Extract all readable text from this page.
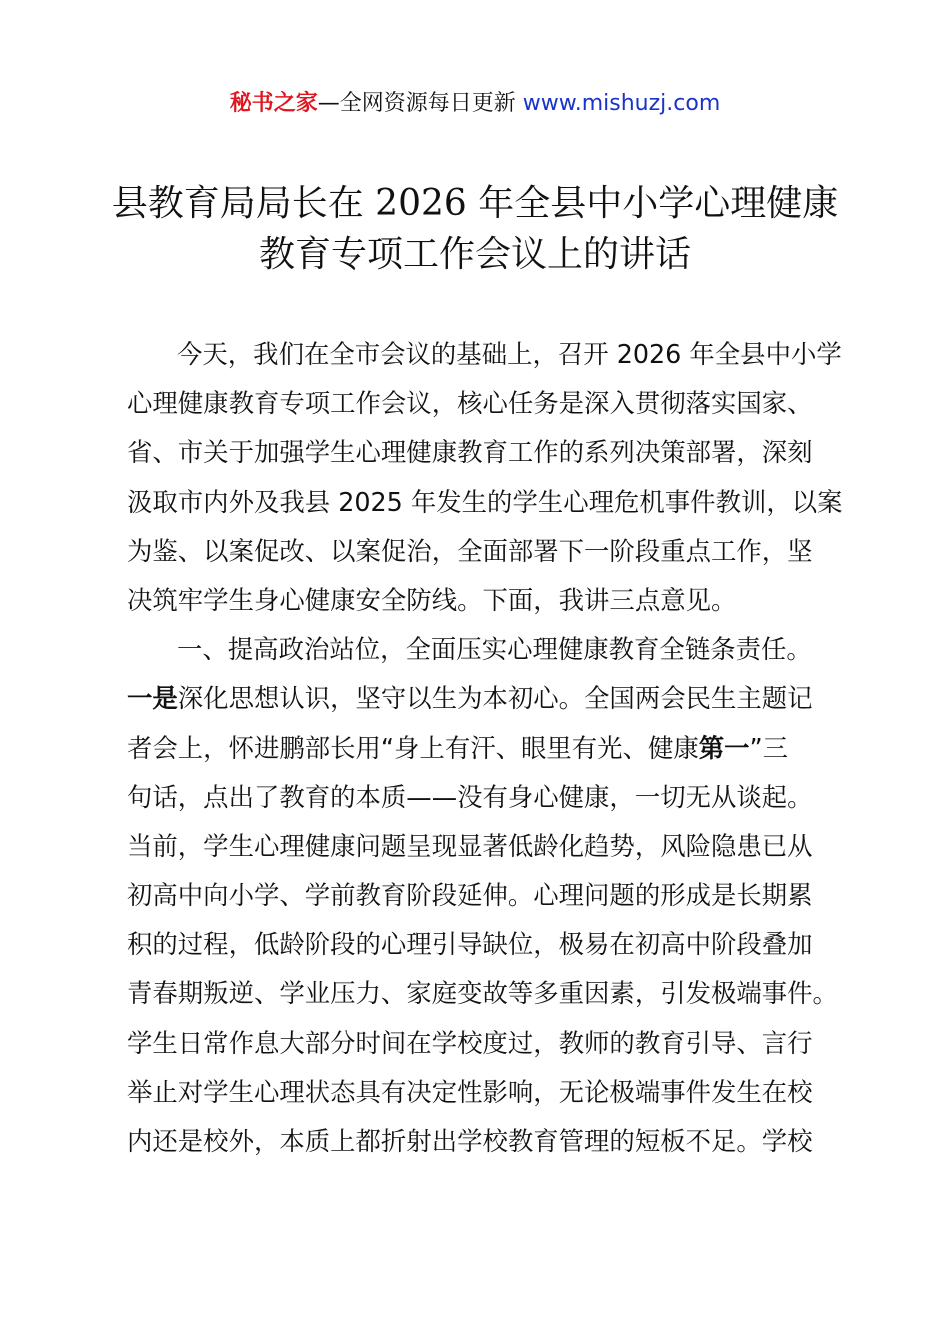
秘书之家—全网资源每日更新 www.mishuzj.com
县教育局局长在 2026 年全县中小学心理健康
教育专项工作会议上的讲话
今天，我们在全市会议的基础上，召开 2026 年全县中小学
心理健康教育专项工作会议，核心任务是深入贯彻落实国家、
省、市关于加强学生心理健康教育工作的系列决策部署，深刻
汲取市内外及我县 2025 年发生的学生心理危机事件教训，以案
为鉴、以案促改、以案促治，全面部署下一阶段重点工作，坚
决筑牢学生身心健康安全防线。下面，我讲三点意见。
一、提高政治站位，全面压实心理健康教育全链条责任。
一是深化思想认识，坚守以生为本初心。全国两会民生主题记
者会上，怀进鹏部长用“身上有汗、眼里有光、健康第一”三
句话，点出了教育的本质——没有身心健康，一切无从谈起。
当前，学生心理健康问题呈现显著低龄化趋势，风险隐患已从
初高中向小学、学前教育阶段延伸。心理问题的形成是长期累
积的过程，低龄阶段的心理引导缺位，极易在初高中阶段叠加
青春期叛逆、学业压力、家庭变故等多重因素，引发极端事件。
学生日常作息大部分时间在学校度过，教师的教育引导、言行
举止对学生心理状态具有决定性影响，无论极端事件发生在校
内还是校外，本质上都折射出学校教育管理的短板不足。学校
